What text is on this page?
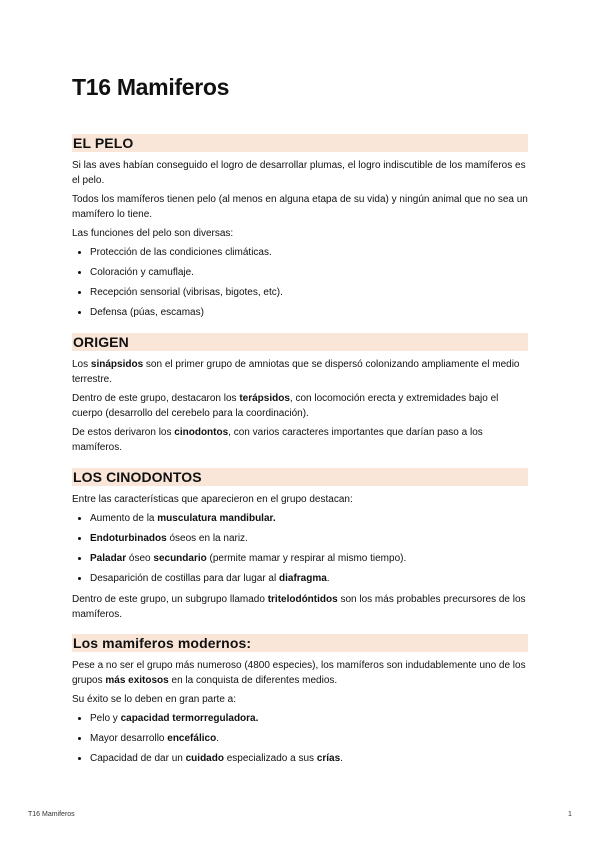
T16 Mamiferos
EL PELO

Si las aves habían conseguido el logro de desarrollar plumas, el logro indiscutible de los mamíferos es el pelo.

Todos los mamíferos tienen pelo (al menos en alguna etapa de su vida) y ningún animal que no sea un mamífero lo tiene.

Las funciones del pelo son diversas:

• Protección de las condiciones climáticas.
• Coloración y camuflaje.
• Recepción sensorial (vibrisas, bigotes, etc).
• Defensa (púas, escamas)
ORIGEN

Los sinápsidos son el primer grupo de amniotas que se dispersó colonizando ampliamente el medio terrestre.

Dentro de este grupo, destacaron los terápsidos, con locomoción erecta y extremidades bajo el cuerpo (desarrollo del cerebelo para la coordinación).

De estos derivaron los cinodontos, con varios caracteres importantes que darían paso a los mamíferos.

LOS CINODONTOS

Entre las características que aparecieron en el grupo destacan:

• Aumento de la musculatura mandibular.
• Endoturbinados óseos en la nariz.
• Paladar óseo secundario (permite mamar y respirar al mismo tiempo).
• Desaparición de costillas para dar lugar al diafragma.

Dentro de este grupo, un subgrupo llamado tritelodóntidos son los más probables precursores de los mamíferos.

Los mamiferos modernos:

Pese a no ser el grupo más numeroso (4800 especies), los mamíferos son indudablemente uno de los grupos más exitosos en la conquista de diferentes medios.

Su éxito se lo deben en gran parte a:

• Pelo y capacidad termorreguladora.
• Mayor desarrollo encefálico.
• Capacidad de dar un cuidado especializado a sus crías.
T16 Mamiferos	1
